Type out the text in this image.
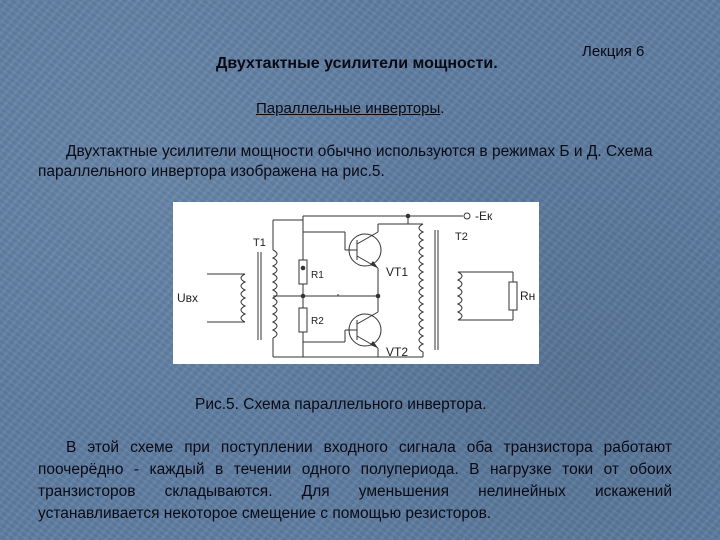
Двухтактные усилители мощности.
Лекция 6
Параллельные инверторы.

Двухтактные усилители мощности обычно используются в режимах Б и Д. Схема параллельного инвертора изображена на рис.5.

T1	T2
R1
R2
VT1
VT2
-Eк
Uвх	Rн
Рис.5. Схема параллельного инвертора.

В этой схеме при поступлении входного сигнала оба транзистора работают поочерёдно - каждый в течении одного полупериода. В нагрузке токи от обоих транзисторов складываются. Для уменьшения нелинейных искажений устанавливается некоторое смещение с помощью резисторов.
